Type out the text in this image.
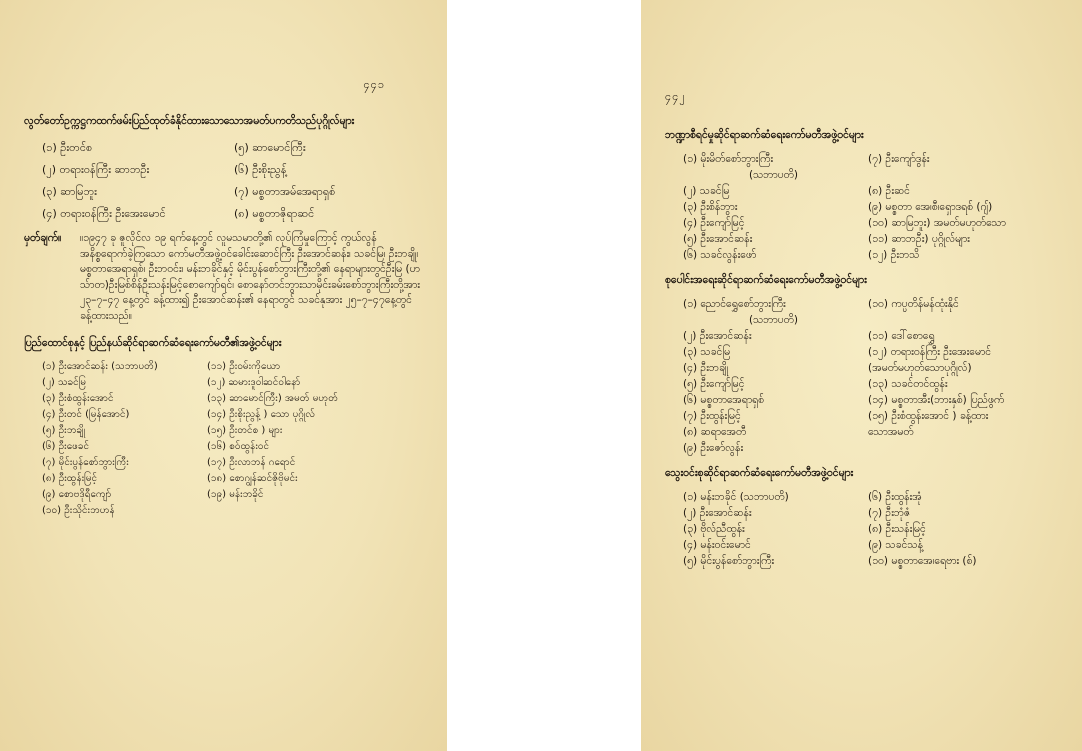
၄၄၁
လွတ်တော်ဥက္ကဋ္ဌကထက်ဖမ်းပြည်ထုတ်ခံနိုင်ထားသောသောအမတ်ပကတိသည်ပုဂ္ဂိုလ်များ
(၁) ဦးတင်စ	(၅) ဆာမောင်ကြီး
(၂) တရားဝန်ကြီး ဆာဘဦး	(၆) ဦးစိုးညွန့်
(၃) ဆာမြဘူး	(၇) မစ္စတာအမ်အေရာရှစ်
(၄) တရားဝန်ကြီး ဦးအေးမောင်	(၈) မစ္စတာဇိုရာဆင်
မှတ်ချက်။	။၁၉၄၇ ခု ဇူလိုင်လ ၁၉ ရက်နေ့တွင် လူမသမာတို့၏ လုပ်ကြံမှုကြောင့် ကွယ်လွန်အနိစ္စရောက်ခဲ့ကြသော ကော်မတီအဖွဲ့ဝင်ခေါင်းဆောင်ကြီး ဦးအောင်ဆန်း၊ သခင်မြ၊ ဦးဘချို၊ မစ္စတာအေရာရှစ်၊ ဦးဘဝင်း၊ မန်းဘခိုင်နှင့် မိုင်းပွန်စော်ဘွားကြီးတို့၏ နေရာများတွင်ဦးမြ (ဟသ်ာတ)ဦးမြစ်စိန်ဦးသန်းမြင့်စောကျော်ရင်၊ စောနော်တင်ဘွားသာမိုင်းခမ်းစော်ဘွားကြီးတို့အား ၂၃–၇–၄၇ နေ့တွင် ခန့်ထား၍ ဦးအောင်ဆန်း၏ နေရာတွင် သခင်နုအား ၂၅–၇–၄၇နေ့တွင် ခန့်ထားသည်။
ပြည်ထောင်စုနှင့် ပြည်နယ်ဆိုင်ရာဆက်ဆံရေးကော်မတီ၏အဖွဲ့ဝင်များ
(၁) ဦးအောင်ဆန်း (သဘာပတိ)	(၁၁) ဦးဝမ်းကိုယော
(၂) သခင်မြ	(၁၂) ဆမားဒူဝါဆင်ဝါနော်
(၃) ဦးစံထွန်းအောင်	(၁၃) ဆာမောင်ကြီး) အမတ် မဟုတ်
(၄) ဦးတင် (မြန်အောင်)	(၁၄) ဦးစိုးညွန့် ) သော ပုဂ္ဂိုလ်
(၅) ဦးဘချို	(၁၅) ဦးတင်စ ) များ
(၆) ဦးဖေခင်	(၁၆) စဝ်ထွန်းဝင်
(၇) မိုင်းပွန်စော်ဘွားကြီး	(၁၇) ဦးလာဘန် ဂရောင်
(၈) ဦးထွန်းမြင့်	(၁၈) စောဂျွန်ဆင်ဇိုဗိုမင်း
(၉) စောဗဒိုရီကျော်	(၁၉) မန်းဘခိုင်
(၁၀) ဦးသိုင်းဘဟန်
၄၄၂
ဘဏ္ဍာစီရင်မှုဆိုင်ရာဆက်ဆံရေးကော်မတီအဖွဲ့ဝင်များ
(၁) မိုးမိတ်စော်ဘွားကြီး	(၇) ဦးကျော်ဒွန်း
(သဘာပတိ)
(၂) သခင်မြ	(၈) ဦးဆင်
(၃) ဦးစိန်ဘွား	(၉) မစ္စတာ အေ၊စီ၊ရှောဒရစ် (ဂျ်)
(၄) ဦးကျော်မြင့်	(၁၀) ဆာမြဘူး) အမတ်မဟုတ်သော
(၅) ဦးအောင်ဆန်း	(၁၁) ဆာဘဦး) ပုဂ္ဂိုလ်များ
(၆) သခင်လွန်းဖော်	(၁၂) ဦးဘသိ
စုပေါင်းအရေးဆိုင်ရာဆက်ဆံရေးကော်မတီအဖွဲ့ဝင်များ
(၁) ညောင်ရွှေစော်ဘွားကြီး	(၁၀) ကပ္ပတိန်မန်ထုံးနိုင်
(သဘာပတိ)
(၂) ဦးအောင်ဆန်း	(၁၁) ဒေါ်စောရွှေ
(၃) သခင်မြ	(၁၂) တရားဝန်ကြီး ဦးအေးမောင်
(၄) ဦးဘချို	(အမတ်မဟုတ်သောပုဂ္ဂိုလ်)
(၅) ဦးကျော်မြင့်	(၁၃) သခင်တင်ထွန်း
(၆) မစ္စတာအေရာရှစ်	(၁၄) မစ္စတာအီး(ဘားနှစ်) ပြည်ဖွက်
(၇) ဦးထွန်းမြင့်	(၁၅) ဦးစံထွန်းအောင် ) ခန့်ထား
(၈) ဆရာအေတီ	သောအမတ်
(၉) ဦးဇော်လွန်း
သွေးဝင်းစုဆိုင်ရာဆက်ဆံရေးကော်မတီအဖွဲ့ဝင်များ
(၁) မန်းဘခိုင် (သဘာပတိ)	(၆) ဦးထွန်းအုံ
(၂) ဦးအောင်ဆန်း	(၇) ဦးဘုံဇံ
(၃) ဗိုလ်ညီထွန်း	(၈) ဦးသန်းမြင့်
(၄) မန်းဝင်းမောင်	(၉) သခင်သန့်
(၅) မိုင်းပွန်စော်ဘွားကြီး	(၁၀) မစ္စတာအေ၊ရေဗား (စ်)
